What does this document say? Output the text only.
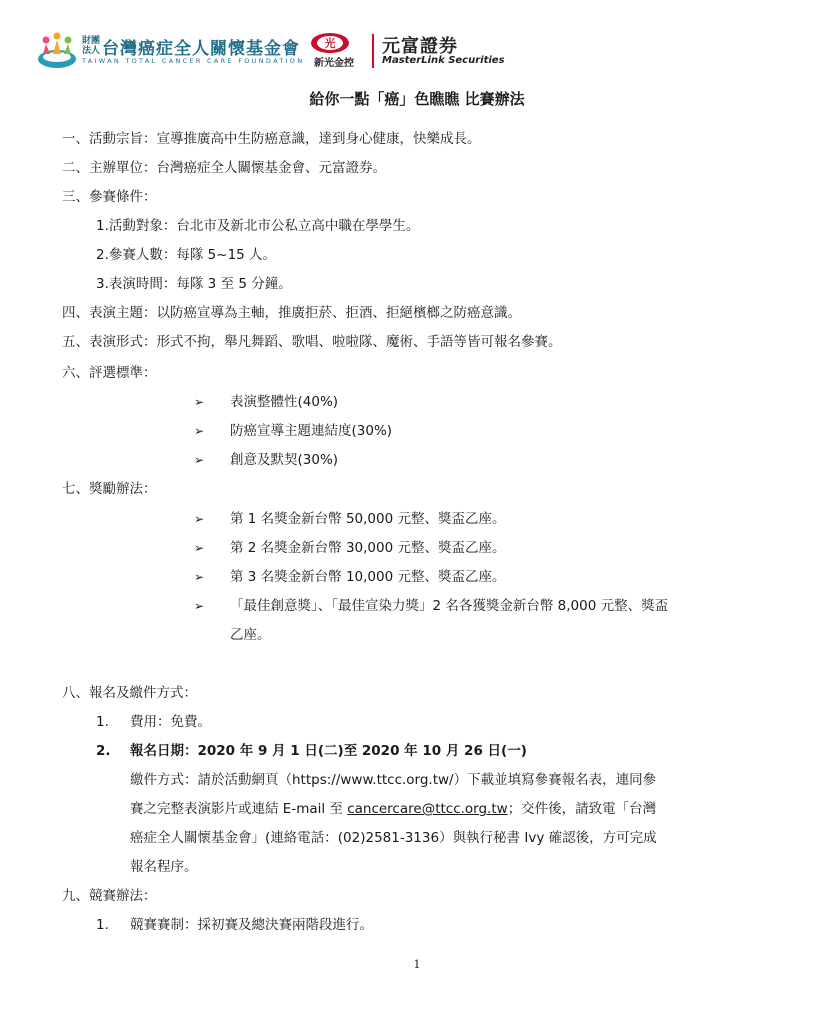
財團法人 台灣癌症全人關懷基金會
TAIWAN TOTAL CANCER CARE FOUNDATION
光
新光金控
元富證券
MasterLink Securities
給你一點「癌」色瞧瞧 比賽辦法
一、活動宗旨：宣導推廣高中生防癌意識，達到身心健康，快樂成長。
二、主辦單位：台灣癌症全人關懷基金會、元富證券。
三、參賽條件：
1.活動對象：台北市及新北市公私立高中職在學學生。
2.參賽人數：每隊 5~15 人。
3.表演時間：每隊 3 至 5 分鐘。
四、表演主題：以防癌宣導為主軸，推廣拒菸、拒酒、拒絕檳榔之防癌意識。
五、表演形式：形式不拘，舉凡舞蹈、歌唱、啦啦隊、魔術、手語等皆可報名參賽。
六、評選標準：
➢ 表演整體性(40%)
➢ 防癌宣導主題連結度(30%)
➢ 創意及默契(30%)
七、獎勵辦法：
➢ 第 1 名獎金新台幣 50,000 元整、獎盃乙座。
➢ 第 2 名獎金新台幣 30,000 元整、獎盃乙座。
➢ 第 3 名獎金新台幣 10,000 元整、獎盃乙座。
➢ 「最佳創意獎」、「最佳宣染力獎」2 名各獲獎金新台幣 8,000 元整、獎盃
乙座。
八、報名及繳件方式：
1. 費用：免費。
2. 報名日期：2020 年 9 月 1 日(二)至 2020 年 10 月 26 日(一)
繳件方式：請於活動網頁（https://www.ttcc.org.tw/）下載並填寫參賽報名表，連同參
賽之完整表演影片或連結 E-mail 至 cancercare@ttcc.org.tw；交件後，請致電「台灣
癌症全人關懷基金會」(連絡電話：(02)2581-3136）與執行秘書 Ivy 確認後，方可完成
報名程序。
九、競賽辦法：
1. 競賽賽制：採初賽及總決賽兩階段進行。
1
